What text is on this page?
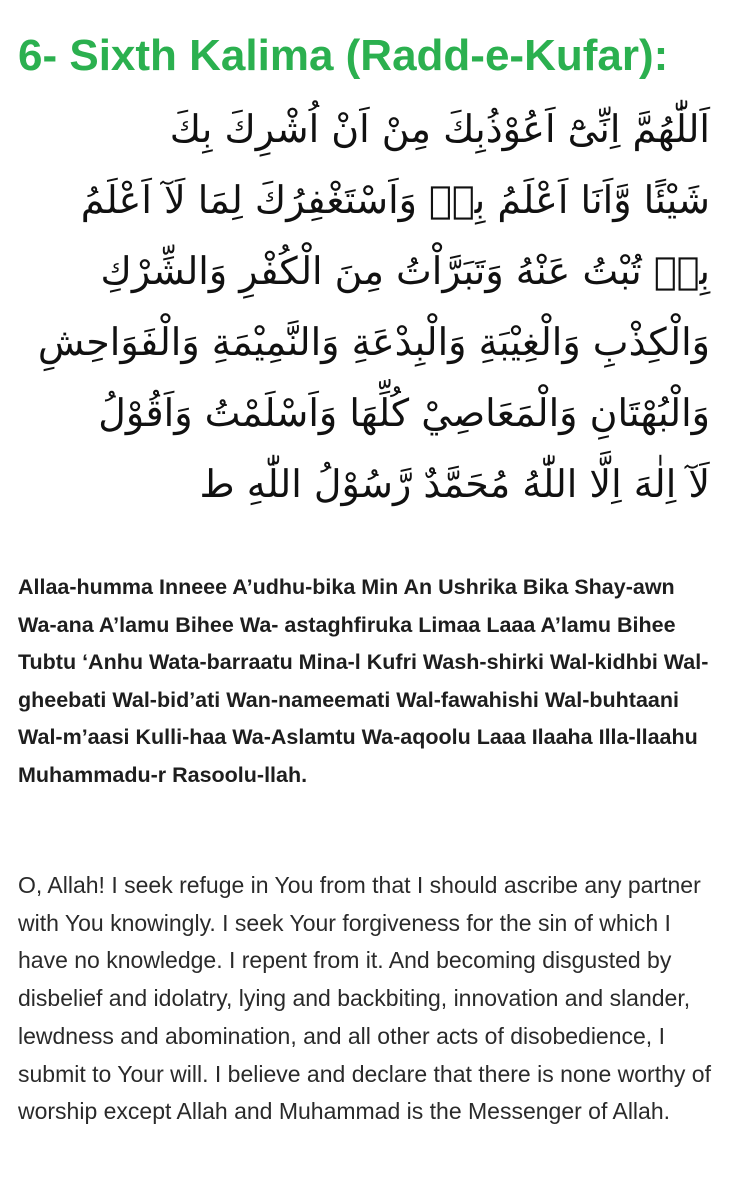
6- Sixth Kalima (Radd-e-Kufar):
اَللّٰهُمَّ اِنِّیْٓ اَعُوْذُبِكَ مِنْ اَنْ اُشْرِكَ بِكَ
شَيْئًا وَّاَنَا اَعْلَمُ بِهٖ وَاَسْتَغْفِرُكَ لِمَا لَآ اَعْلَمُ
بِهٖ تُبْتُ عَنْهُ وَتَبَرَّاْتُ مِنَ الْكُفْرِ وَالشِّرْكِ
وَالْكِذْبِ وَالْغِيْبَةِ وَالْبِدْعَةِ وَالنَّمِيْمَةِ وَالْفَوَاحِشِ
وَالْبُهْتَانِ وَالْمَعَاصِيْ كُلِّهَا وَاَسْلَمْتُ وَاَقُوْلُ
لَآ اِلٰهَ اِلَّا اللّٰهُ مُحَمَّدٌ رَّسُوْلُ اللّٰهِ ط

Allaa-humma Inneee A’udhu-bika Min An Ushrika Bika Shay-awn Wa-ana A’lamu Bihee Wa- astaghfiruka Limaa Laaa A’lamu Bihee Tubtu ‘Anhu Wata-barraatu Mina-l Kufri Wash-shirki Wal-kidhbi Wal-gheebati Wal-bid’ati Wan-nameemati Wal-fawahishi Wal-buhtaani Wal-m’aasi Kulli-haa Wa-Aslamtu Wa-aqoolu Laaa Ilaaha Illa-llaahu Muhammadu-r Rasoolu-llah.

O, Allah! I seek refuge in You from that I should ascribe any partner with You knowingly. I seek Your forgiveness for the sin of which I have no knowledge. I repent from it. And becoming disgusted by disbelief and idolatry, lying and backbiting, innovation and slander, lewdness and abomination, and all other acts of disobedience, I submit to Your will. I believe and declare that there is none worthy of worship except Allah and Muhammad is the Messenger of Allah.
